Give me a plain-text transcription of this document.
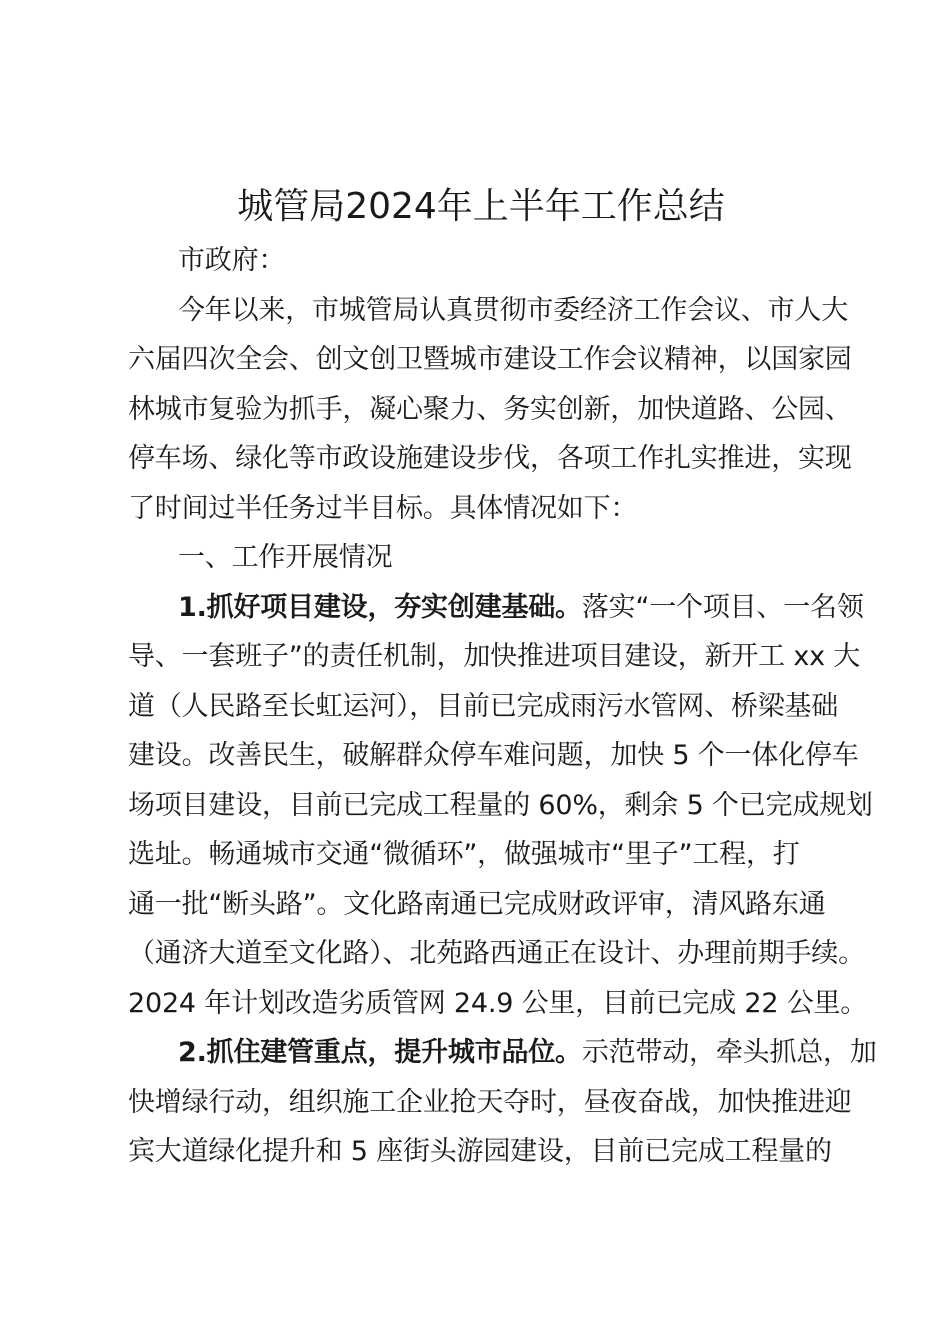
城管局2024年上半年工作总结
市政府：
今年以来，市城管局认真贯彻市委经济工作会议、市人大
六届四次全会、创文创卫暨城市建设工作会议精神，以国家园
林城市复验为抓手，凝心聚力、务实创新，加快道路、公园、
停车场、绿化等市政设施建设步伐，各项工作扎实推进，实现
了时间过半任务过半目标。具体情况如下：
一、工作开展情况
1.抓好项目建设，夯实创建基础。落实“一个项目、一名领
导、一套班子”的责任机制，加快推进项目建设，新开工 xx 大
道（人民路至长虹运河），目前已完成雨污水管网、桥梁基础
建设。改善民生，破解群众停车难问题，加快 5 个一体化停车
场项目建设，目前已完成工程量的 60%，剩余 5 个已完成规划
选址。畅通城市交通“微循环”，做强城市“里子”工程，打
通一批“断头路”。文化路南通已完成财政评审，清风路东通
（通济大道至文化路）、北苑路西通正在设计、办理前期手续。
2024 年计划改造劣质管网 24.9 公里，目前已完成 22 公里。
2.抓住建管重点，提升城市品位。示范带动，牵头抓总，加
快增绿行动，组织施工企业抢天夺时，昼夜奋战，加快推进迎
宾大道绿化提升和 5 座街头游园建设，目前已完成工程量的
